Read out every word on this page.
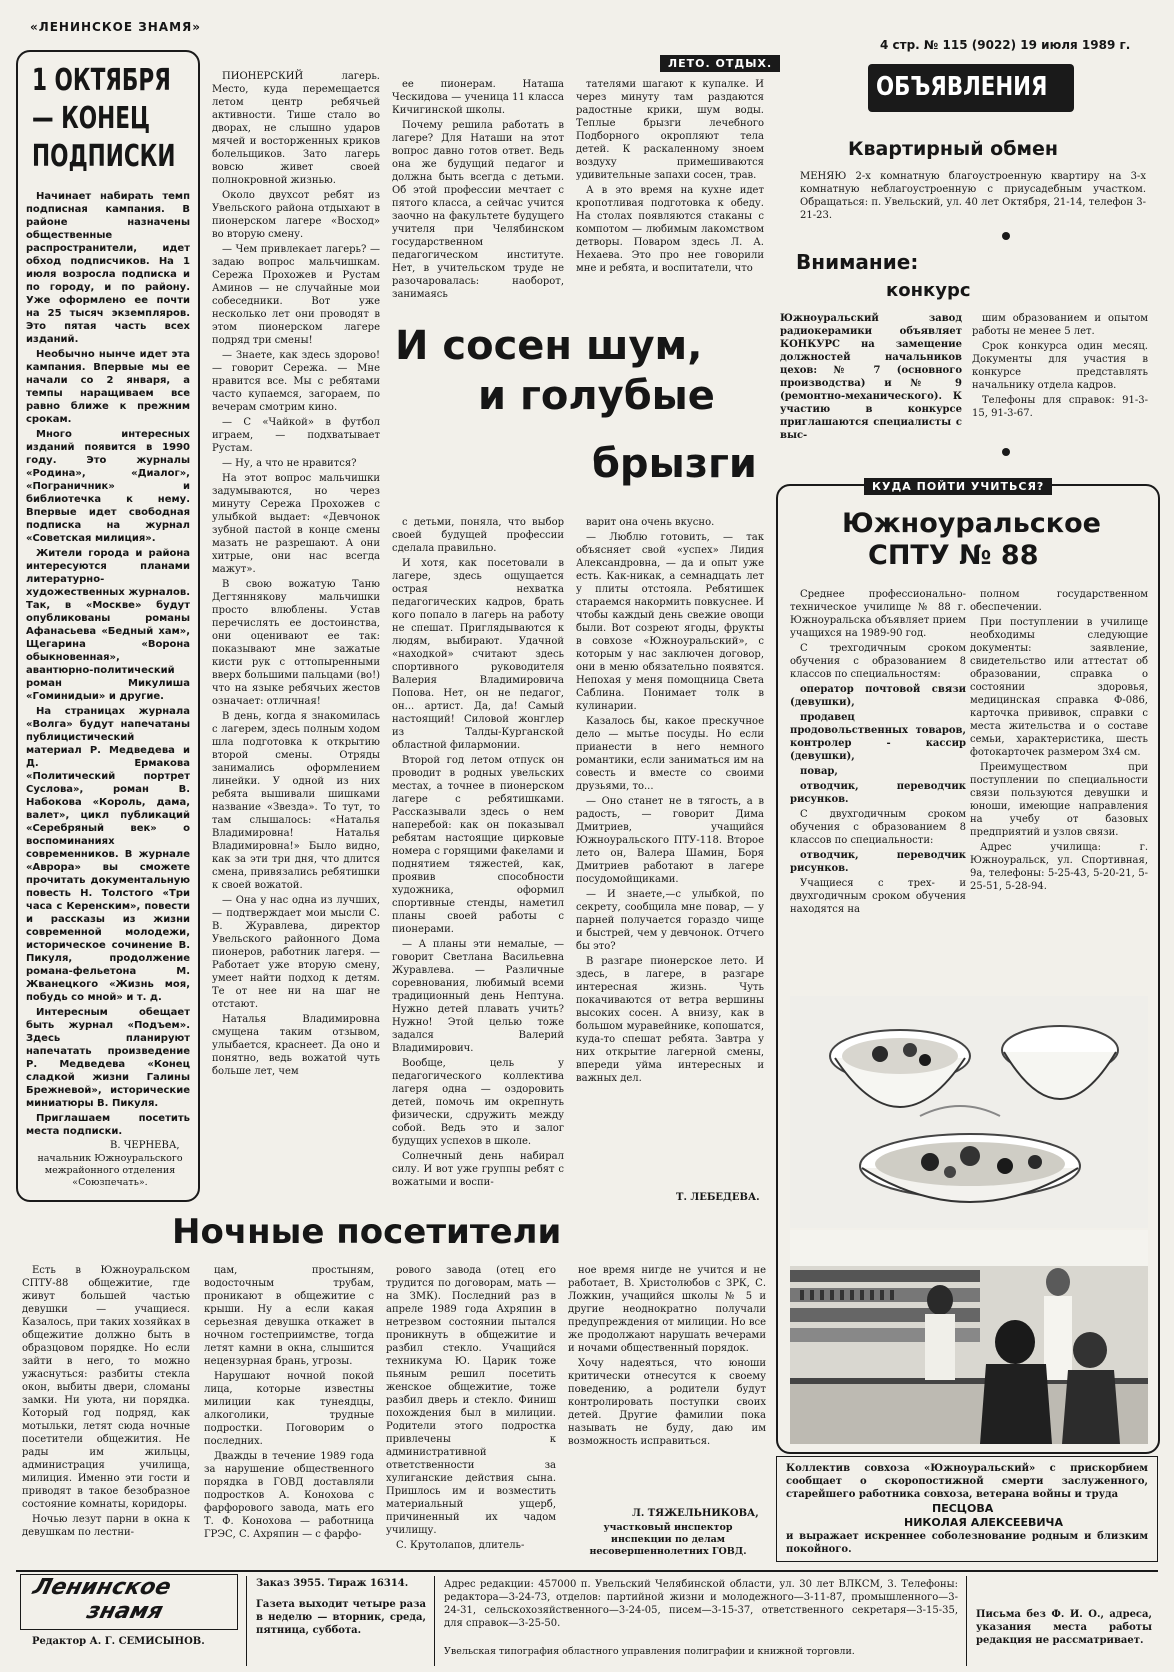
«ЛЕНИНСКОЕ ЗНАМЯ»
4 стр. № 115 (9022) 19 июля 1989 г.
1 ОКТЯБРЯ — КОНЕЦ ПОДПИСКИ

Начинает набирать темп подписная кампания. В районе назначены общественные распространители, идет обход подписчиков. На 1 июля возросла подписка и по городу, и по району. Уже оформлено ее почти на 25 тысяч экземпляров. Это пятая часть всех изданий.

Необычно нынче идет эта кампания. Впервые мы ее начали со 2 января, а темпы наращиваем все равно ближе к прежним срокам.

Много интересных изданий появится в 1990 году. Это журналы «Родина», «Диалог», «Пограничник» и библиотечка к нему. Впервые идет свободная подписка на журнал «Советская милиция».

Жители города и района интересуются планами литературно-художественных журналов. Так, в «Москве» будут опубликованы романы Афанасьева «Бедный хам», Щегарина «Ворона обыкновенная», авантюрно-политический роман Микулиша «Гоминидыи» и другие.

На страницах журнала «Волга» будут напечатаны публицистический материал Р. Медведева и Д. Ермакова «Политический портрет Суслова», роман В. Набокова «Король, дама, валет», цикл публикаций «Серебряный век» о воспоминаниях современников. В журнале «Аврора» вы сможете прочитать документальную повесть Н. Толстого «Три часа с Керенским», повести и рассказы из жизни современной молодежи, историческое сочинение В. Пикуля, продолжение романа-фельетона М. Жванецкого «Жизнь моя, побудь со мной» и т. д.

Интересным обещает быть журнал «Подъем». Здесь планируют напечатать произведение Р. Медведева «Конец сладкой жизни Галины Брежневой», исторические миниатюры В. Пикуля.

Приглашаем посетить места подписки.

В. ЧЕРНЕВА,
начальник Южноуральского межрайонного отделения «Союзпечать».
ЛЕТО. ОТДЫХ.

ПИОНЕРСКИЙ лагерь. Место, куда перемещается летом центр ребячьей активности. Тише стало во дворах, не слышно ударов мячей и восторженных криков болельщиков. Зато лагерь вовсю живет своей полнокровной жизнью.

Около двухсот ребят из Увельского района отдыхают в пионерском лагере «Восход» во вторую смену.

— Чем привлекает лагерь? — задаю вопрос мальчишкам. Сережа Прохожев и Рустам Аминов — не случайные мои собеседники. Вот уже несколько лет они проводят в этом пионерском лагере подряд три смены!

— Знаете, как здесь здорово! — говорит Сережа. — Мне нравится все. Мы с ребятами часто купаемся, загораем, по вечерам смотрим кино.

— С «Чайкой» в футбол играем, — подхватывает Рустам.

— Ну, а что не нравится?

На этот вопрос мальчишки задумываются, но через минуту Сережа Прохожев с улыбкой выдает: «Девчонок зубной пастой в конце смены мазать не разрешают. А они хитрые, они нас всегда мажут».

В свою вожатую Таню Дегтяннякову мальчишки просто влюблены. Устав перечислять ее достоинства, они оценивают ее так: показывают мне зажатые кисти рук с оттопыренными вверх большими пальцами (во!) что на языке ребячьих жестов означает: отличная!

В день, когда я знакомилась с лагерем, здесь полным ходом шла подготовка к открытию второй смены. Отряды занимались оформлением линейки. У одной из них ребята вышивали шишками название «Звезда». То тут, то там слышалось: «Наталья Владимировна! Наталья Владимировна!» Было видно, как за эти три дня, что длится смена, привязались ребятишки к своей вожатой.

— Она у нас одна из лучших, — подтверждает мои мысли С. В. Журавлева, директор Увельского районного Дома пионеров, работник лагеря. — Работает уже вторую смену, умеет найти подход к детям. Те от нее ни на шаг не отстают.

Наталья Владимировна смущена таким отзывом, улыбается, краснеет. Да оно и понятно, ведь вожатой чуть больше лет, чем

ее пионерам. Наташа Ческидова — ученица 11 класса Кичигинской школы.

Почему решила работать в лагере? Для Наташи на этот вопрос давно готов ответ. Ведь она же будущий педагог и должна быть всегда с детьми. Об этой профессии мечтает с пятого класса, а сейчас учится заочно на факультете будущего учителя при Челябинском государственном педагогическом институте. Нет, в учительском труде не разочаровалась: наоборот, занимаясь

тателями шагают к купалке. И через минуту там раздаются радостные крики, шум воды. Теплые брызги лечебного Подборного окропляют тела детей. К раскаленному зноем воздуху примешиваются удивительные запахи сосен, трав.

А в это время на кухне идет кропотливая подготовка к обеду. На столах появляются стаканы с компотом — любимым лакомством детворы. Поваром здесь Л. А. Нехаева. Это про нее говорили мне и ребята, и воспитатели, что

И сосен шум,
и голубые
брызги

с детьми, поняла, что выбор своей будущей профессии сделала правильно.

И хотя, как посетовали в лагере, здесь ощущается острая нехватка педагогических кадров, брать кого попало в лагерь на работу не спешат. Приглядываются к людям, выбирают. Удачной «находкой» считают здесь спортивного руководителя Валерия Владимировича Попова. Нет, он не педагог, он... артист. Да, да! Самый настоящий! Силовой жонглер из Талды-Курганской областной филармонии.

Второй год летом отпуск он проводит в родных увельских местах, а точнее в пионерском лагере с ребятишками. Рассказывали здесь о нем наперебой: как он показывал ребятам настоящие цирковые номера с горящими факелами и поднятием тяжестей, как, проявив способности художника, оформил спортивные стенды, наметил планы своей работы с пионерами.

— А планы эти немалые, — говорит Светлана Васильевна Журавлева. — Различные соревнования, любимый всеми традиционный день Нептуна. Нужно детей плавать учить? Нужно! Этой целью тоже задался Валерий Владимирович.

Вообще, цель у педагогического коллектива лагеря одна — оздоровить детей, помочь им окрепнуть физически, сдружить между собой. Ведь это и залог будущих успехов в школе.

Солнечный день набирал силу. И вот уже группы ребят с вожатыми и воспи-

варит она очень вкусно.

— Люблю готовить, — так объясняет свой «успех» Лидия Александровна, — да и опыт уже есть. Как-никак, а семнадцать лет у плиты отстояла. Ребятишек стараемся накормить повкуснее. И чтобы каждый день свежие овощи были. Вот созреют ягоды, фрукты в совхозе «Южноуральский», с которым у нас заключен договор, они в меню обязательно появятся. Непохая у меня помощница Света Саблина. Понимает толк в кулинарии.

Казалось бы, какое прескучное дело — мытье посуды. Но если прианести в него немного романтики, если заниматься им на совесть и вместе со своими друзьями, то...

— Оно станет не в тягость, а в радость, — говорит Дима Дмитриев, учащийся Южноуральского ПТУ-118. Второе лето он, Валера Шамин, Боря Дмитриев работают в лагере посудомойщиками.

— И знаете,—с улыбкой, по секрету, сообщила мне повар, — у парней получается гораздо чище и быстрей, чем у девчонок. Отчего бы это?

В разгаре пионерское лето. И здесь, в лагере, в разгаре интересная жизнь. Чуть покачиваются от ветра вершины высоких сосен. А внизу, как в большом муравейнике, копошатся, куда-то спешат ребята. Завтра у них открытие лагерной смены, впереди уйма интересных и важных дел.

Т. ЛЕБЕДЕВА.
ОБЪЯВЛЕНИЯ
Квартирный обмен
МЕНЯЮ 2-х комнатную благоустроенную квартиру на 3-х комнатную неблагоустроенную с приусадебным участком. Обращаться: п. Увельский, ул. 40 лет Октября, 21-14, телефон 3-21-23.
Внимание:
конкурс
Южноуральский завод радиокерамики объявляет КОНКУРС на замещение должностей начальников цехов: № 7 (основного производства) и № 9 (ремонтно-механического). К участию в конкурсе приглашаются специалисты с выс-

шим образованием и опытом работы не менее 5 лет.

Срок конкурса один месяц. Документы для участия в конкурсе представлять начальнику отдела кадров.

Телефоны для справок: 91-3-15, 91-3-67.

КУДА ПОЙТИ УЧИТЬСЯ?
Южноуральское
СПТУ № 88

Среднее профессионально-техническое училище № 88 г. Южноуральска объявляет прием учащихся на 1989-90 год.

С трехгодичным сроком обучения с образованием 8 классов по специальностям:

оператор почтовой связи (девушки),

продавец продовольственных товаров, контролер - кассир (девушки),

повар,

отводчик, переводчик рисунков.

С двухгодичным сроком обучения с образованием 8 классов по специальности:

отводчик, переводчик рисунков.

Учащиеся с трех- и двухгодичным сроком обучения находятся на

полном государственном обеспечении.

При поступлении в училище необходимы следующие документы: заявление, свидетельство или аттестат об образовании, справка о состоянии здоровья, медицинская справка Ф-086, карточка прививок, справки с места жительства и о составе семьи, характеристика, шесть фотокарточек размером 3х4 см.

Преимуществом при поступлении по специальности связи пользуются девушки и юноши, имеющие направления на учебу от базовых предприятий и узлов связи.

Адрес училища: г. Южноуральск, ул. Спортивная, 9а, телефоны: 5-25-43, 5-20-21, 5-25-51, 5-28-94.

Коллектив совхоза «Южноуральский» с прискорбием сообщает о скоропостижной смерти заслуженного, старейшего работника совхоза, ветерана войны и труда
ПЕСЦОВА
НИКОЛАЯ АЛЕКСЕЕВИЧА
и выражает искреннее соболезнование родным и близким покойного.
Ночные посетители

Есть в Южноуральском СПТУ-88 общежитие, где живут большей частью девушки — учащиеся. Казалось, при таких хозяйках в общежитие должно быть в образцовом порядке. Но если зайти в него, то можно ужаснуться: разбиты стекла окон, выбиты двери, сломаны замки. Ни уюта, ни порядка. Который год подряд, как мотыльки, летят сюда ночные посетители общежития. Не рады им жильцы, администрация училища, милиция. Именно эти гости и приводят в такое безобразное состояние комнаты, коридоры.

Ночью лезут парни в окна к девушкам по лестни-

цам, простыням, водосточным трубам, проникают в общежитие с крыши. Ну а если какая серьезная девушка откажет в ночном гостеприимстве, тогда летят камни в окна, слышится нецензурная брань, угрозы.

Нарушают ночной покой лица, которые известны милиции как тунеядцы, алкоголики, трудные подростки. Поговорим о последних.

Дважды в течение 1989 года за нарушение общественного порядка в ГОВД доставляли подростков А. Конохова с фарфорового завода, мать его Т. Ф. Конохова — работница ГРЭС, С. Ахряпин — с фарфо-

рового завода (отец его трудится по договорам, мать — на ЗМК). Последний раз в апреле 1989 года Ахряпин в нетрезвом состоянии пытался проникнуть в общежитие и разбил стекло. Учащийся техникума Ю. Царик тоже пьяным решил посетить женское общежитие, тоже разбил дверь и стекло. Финиш похождения был в милиции. Родители этого подростка привлечены к административной ответственности за хулиганские действия сына. Пришлось им и возместить материальный ущерб, причиненный их чадом училищу.

С. Крутолапов, длитель-

ное время нигде не учится и не работает, В. Христолюбов с ЗРК, С. Ложкин, учащийся школы № 5 и другие неоднократно получали предупреждения от милиции. Но все же продолжают нарушать вечерами и ночами общественный порядок.

Хочу надеяться, что юноши критически отнесутся к своему поведению, а родители будут контролировать поступки своих детей. Другие фамилии пока называть не буду, даю им возможность исправиться.

Л. ТЯЖЕЛЬНИКОВА,
участковый инспектор инспекции по делам несовершеннолетних ГОВД.
Ленинское
знамя
Редактор А. Г. СЕМИСЫНОВ.
Заказ 3955. Тираж 16314.
Газета выходит четыре раза в неделю — вторник, среда, пятница, суббота.
Адрес редакции: 457000 п. Увельский Челябинской области, ул. 30 лет ВЛКСМ, 3. Телефоны: редактора—3-24-73, отделов: партийной жизни и молодежного—3-11-87, промышленного—3-24-31, сельскохозяйственного—3-24-05, писем—3-15-37, ответственного секретаря—3-15-35, для справок—3-25-50.
Увельская типография областного управления полиграфии и книжной торговли.
Письма без Ф. И. О., адреса, указания места работы редакция не рассматривает.
